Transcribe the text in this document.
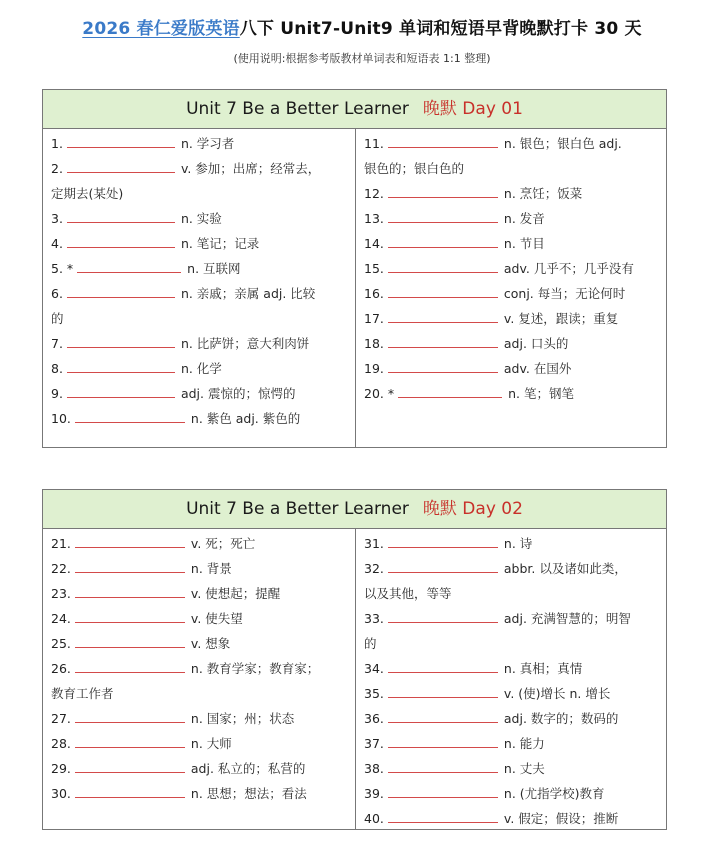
2026 春仁爱版英语八下 Unit7-Unit9 单词和短语早背晚默打卡 30 天
(使用说明:根据参考版教材单词表和短语表 1:1 整理)
Unit 7 Be a Better Learner 晚默 Day 01
1.	n. 学习者
2.	v. 参加；出席；经常去，
定期去(某处)
3.	n. 实验
4.	n. 笔记；记录
5. *	n. 互联网
6.	n. 亲戚；亲属 adj. 比较
的
7.	n. 比萨饼；意大利肉饼
8.	n. 化学
9.	adj. 震惊的；惊愕的
10.	n. 紫色 adj. 紫色的
11.	n. 银色；银白色 adj.
银色的；银白色的
12.	n. 烹饪；饭菜
13.	n. 发音
14.	n. 节目
15.	adv. 几乎不；几乎没有
16.	conj. 每当；无论何时
17.	v. 复述，跟读；重复
18.	adj. 口头的
19.	adv. 在国外
20. *	n. 笔；钢笔
Unit 7 Be a Better Learner 晚默 Day 02
21.	v. 死；死亡
22.	n. 背景
23.	v. 使想起；提醒
24.	v. 使失望
25.	v. 想象
26.	n. 教育学家；教育家；
教育工作者
27.	n. 国家；州；状态
28.	n. 大师
29.	adj. 私立的；私营的
30.	n. 思想；想法；看法
31.	n. 诗
32.	abbr. 以及诸如此类，
以及其他，等等
33.	adj. 充满智慧的；明智
的
34.	n. 真相；真情
35.	v. (使)增长 n. 增长
36.	adj. 数字的；数码的
37.	n. 能力
38.	n. 丈夫
39.	n. (尤指学校)教育
40.	v. 假定；假设；推断
